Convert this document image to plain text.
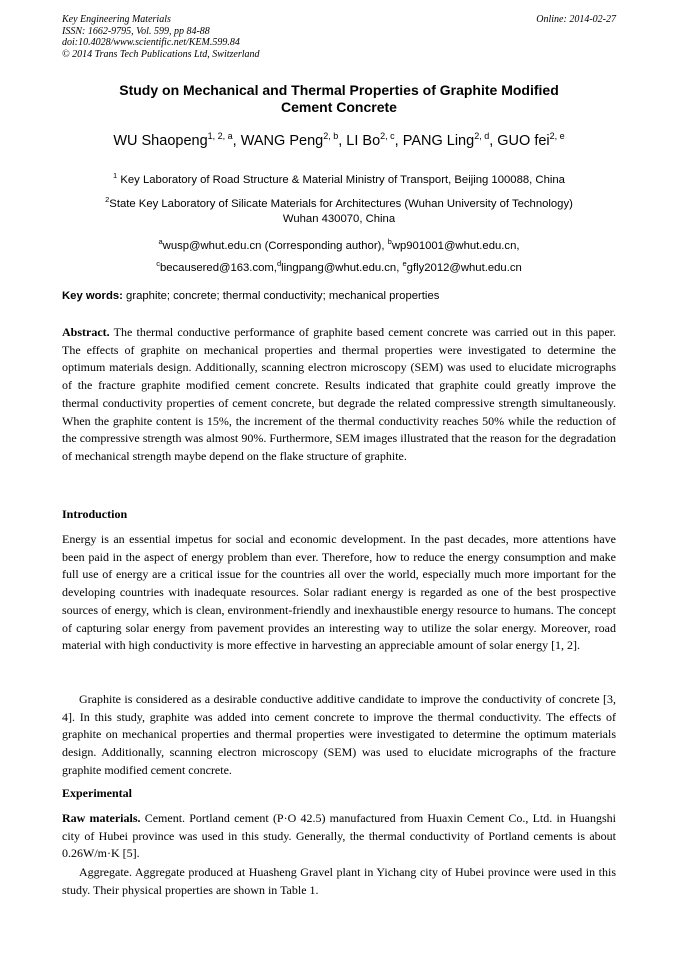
Key Engineering Materials
ISSN: 1662-9795, Vol. 599, pp 84-88
doi:10.4028/www.scientific.net/KEM.599.84
© 2014 Trans Tech Publications Ltd, Switzerland
Online: 2014-02-27
Study on Mechanical and Thermal Properties of Graphite Modified
Cement Concrete
WU Shaopeng$^{1, 2, a}$, WANG Peng$^{2, b}$, LI Bo$^{2, c}$, PANG Ling$^{2, d}$, GUO fei$^{2, e}$
$^1$ Key Laboratory of Road Structure & Material Ministry of Transport, Beijing 100088, China
$^2$State Key Laboratory of Silicate Materials for Architectures (Wuhan University of Technology)
Wuhan 430070, China
$^a$wusp@whut.edu.cn (Corresponding author), $^b$wp901001@whut.edu.cn,
$^c$becausered@163.com,$^d$lingpang@whut.edu.cn, $^e$gfly2012@whut.edu.cn
Key words: graphite; concrete; thermal conductivity; mechanical properties
Abstract. The thermal conductive performance of graphite based cement concrete was carried out in this paper. The effects of graphite on mechanical properties and thermal properties were investigated to determine the optimum materials design. Additionally, scanning electron microscopy (SEM) was used to elucidate micrographs of the fracture graphite modified cement concrete. Results indicated that graphite could greatly improve the thermal conductivity properties of cement concrete, but degrade the related compressive strength simultaneously. When the graphite content is 15%, the increment of the thermal conductivity reaches 50% while the reduction of the compressive strength was almost 90%. Furthermore, SEM images illustrated that the reason for the degradation of mechanical strength maybe depend on the flake structure of graphite.
Introduction
Energy is an essential impetus for social and economic development. In the past decades, more attentions have been paid in the aspect of energy problem than ever. Therefore, how to reduce the energy consumption and make full use of energy are a critical issue for the countries all over the world, especially much more important for the developing countries with inadequate resources. Solar radiant energy is regarded as one of the best prospective sources of energy, which is clean, environment-friendly and inexhaustible energy resource to humans. The concept of capturing solar energy from pavement provides an interesting way to utilize the solar energy. Moreover, road material with high conductivity is more effective in harvesting an appreciable amount of solar energy [1, 2].
Graphite is considered as a desirable conductive additive candidate to improve the conductivity of concrete [3, 4]. In this study, graphite was added into cement concrete to improve the thermal conductivity. The effects of graphite on mechanical properties and thermal properties were investigated to determine the optimum materials design. Additionally, scanning electron microscopy (SEM) was used to elucidate micrographs of the fracture graphite modified cement concrete.
Experimental
Raw materials. Cement. Portland cement (P·O 42.5) manufactured from Huaxin Cement Co., Ltd. in Huangshi city of Hubei province was used in this study. Generally, the thermal conductivity of Portland cements is about 0.26W/m·K [5].
Aggregate. Aggregate produced at Huasheng Gravel plant in Yichang city of Hubei province were used in this study. Their physical properties are shown in Table 1.
